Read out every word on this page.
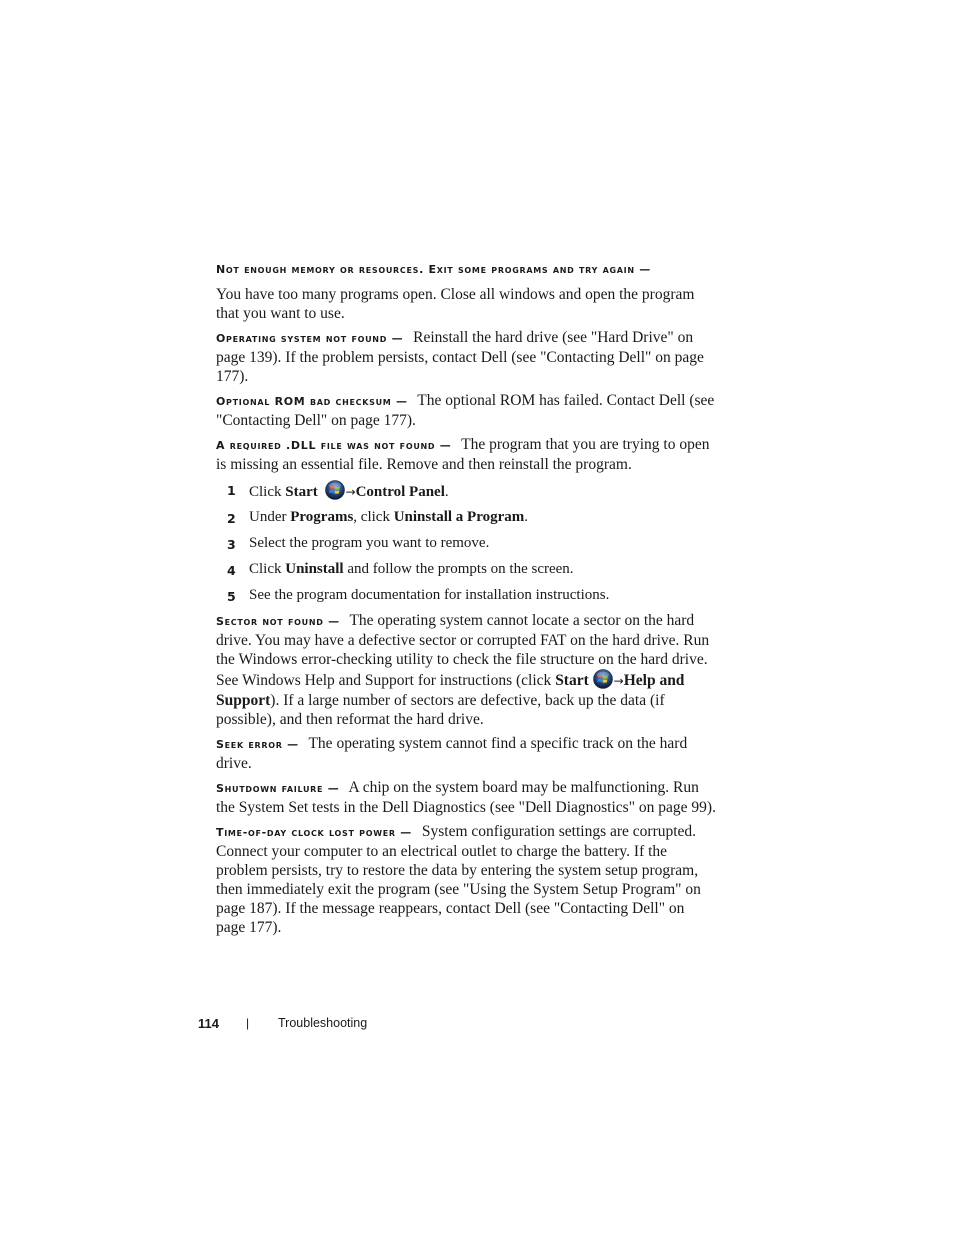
Not enough memory or resources. Exit some programs and try again —
You have too many programs open. Close all windows and open the program that you want to use.
Operating system not found — Reinstall the hard drive (see "Hard Drive" on page 139). If the problem persists, contact Dell (see "Contacting Dell" on page 177).
Optional ROM bad checksum — The optional ROM has failed. Contact Dell (see "Contacting Dell" on page 177).
A required .DLL file was not found — The program that you are trying to open is missing an essential file. Remove and then reinstall the program.
1 Click Start →Control Panel.
2 Under Programs, click Uninstall a Program.
3 Select the program you want to remove.
4 Click Uninstall and follow the prompts on the screen.
5 See the program documentation for installation instructions.
Sector not found — The operating system cannot locate a sector on the hard drive. You may have a defective sector or corrupted FAT on the hard drive. Run the Windows error-checking utility to check the file structure on the hard drive. See Windows Help and Support for instructions (click Start →Help and Support). If a large number of sectors are defective, back up the data (if possible), and then reformat the hard drive.
Seek error — The operating system cannot find a specific track on the hard drive.
Shutdown failure — A chip on the system board may be malfunctioning. Run the System Set tests in the Dell Diagnostics (see "Dell Diagnostics" on page 99).
Time-of-day clock lost power — System configuration settings are corrupted. Connect your computer to an electrical outlet to charge the battery. If the problem persists, try to restore the data by entering the system setup program, then immediately exit the program (see "Using the System Setup Program" on page 187). If the message reappears, contact Dell (see "Contacting Dell" on page 177).
114 | Troubleshooting
